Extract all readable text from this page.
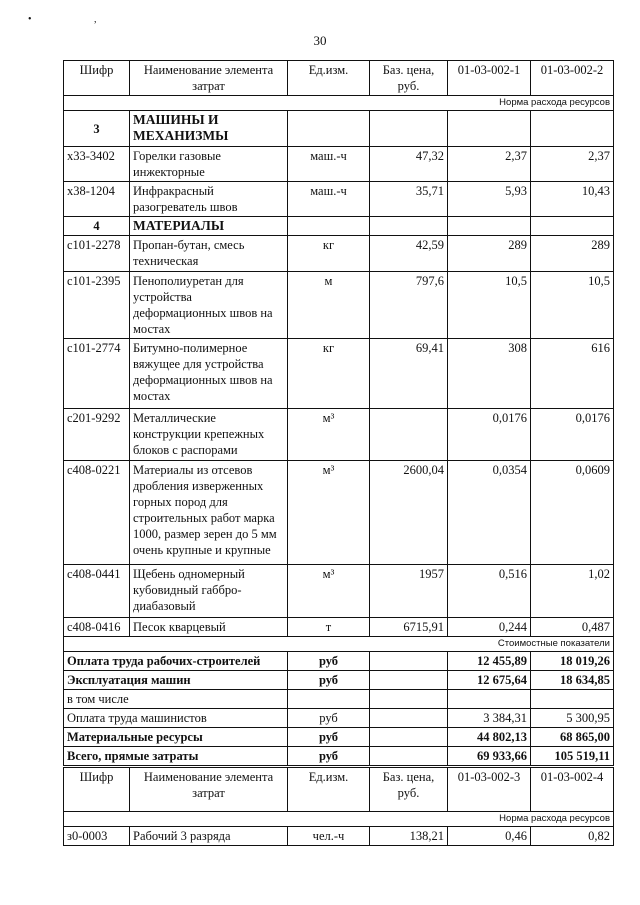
• ,
30
Шифр	Наименование элемента затрат	Ед.изм.	Баз. цена, руб.	01-03-002-1	01-03-002-2
Норма расхода ресурсов					
3	МАШИНЫ И МЕХАНИЗМЫ				
х33-3402	Горелки газовые инжекторные	маш.-ч	47,32	2,37	2,37
х38-1204	Инфракрасный разогреватель швов	маш.-ч	35,71	5,93	10,43
4	МАТЕРИАЛЫ				
с101-2278	Пропан-бутан, смесь техническая	кг	42,59	289	289
с101-2395	Пенополиуретан для устройства деформационных швов на мостах	м	797,6	10,5	10,5
с101-2774	Битумно-полимерное вяжущее для устройства деформационных швов на мостах	кг	69,41	308	616
с201-9292	Металлические конструкции крепежных блоков с распорами	м³		0,0176	0,0176
с408-0221	Материалы из отсевов дробления изверженных горных пород для строительных работ марка 1000, размер зерен до 5 мм очень крупные и крупные	м³	2600,04	0,0354	0,0609
с408-0441	Щебень одномерный кубовидный габбро-диабазовый	м³	1957	0,516	1,02
с408-0416	Песок кварцевый	т	6715,91	0,244	0,487
Стоимостные показатели					
Оплата труда рабочих-строителей		руб		12 455,89	18 019,26
Эксплуатация машин		руб		12 675,64	18 634,85
в том числе					
Оплата труда машинистов		руб		3 384,31	5 300,95
Материальные ресурсы		руб		44 802,13	68 865,00
Всего, прямые затраты		руб		69 933,66	105 519,11
Шифр	Наименование элемента затрат	Ед.изм.	Баз. цена, руб.	01-03-002-3	01-03-002-4
Норма расхода ресурсов					
з0-0003	Рабочий 3 разряда	чел.-ч	138,21	0,46	0,82
